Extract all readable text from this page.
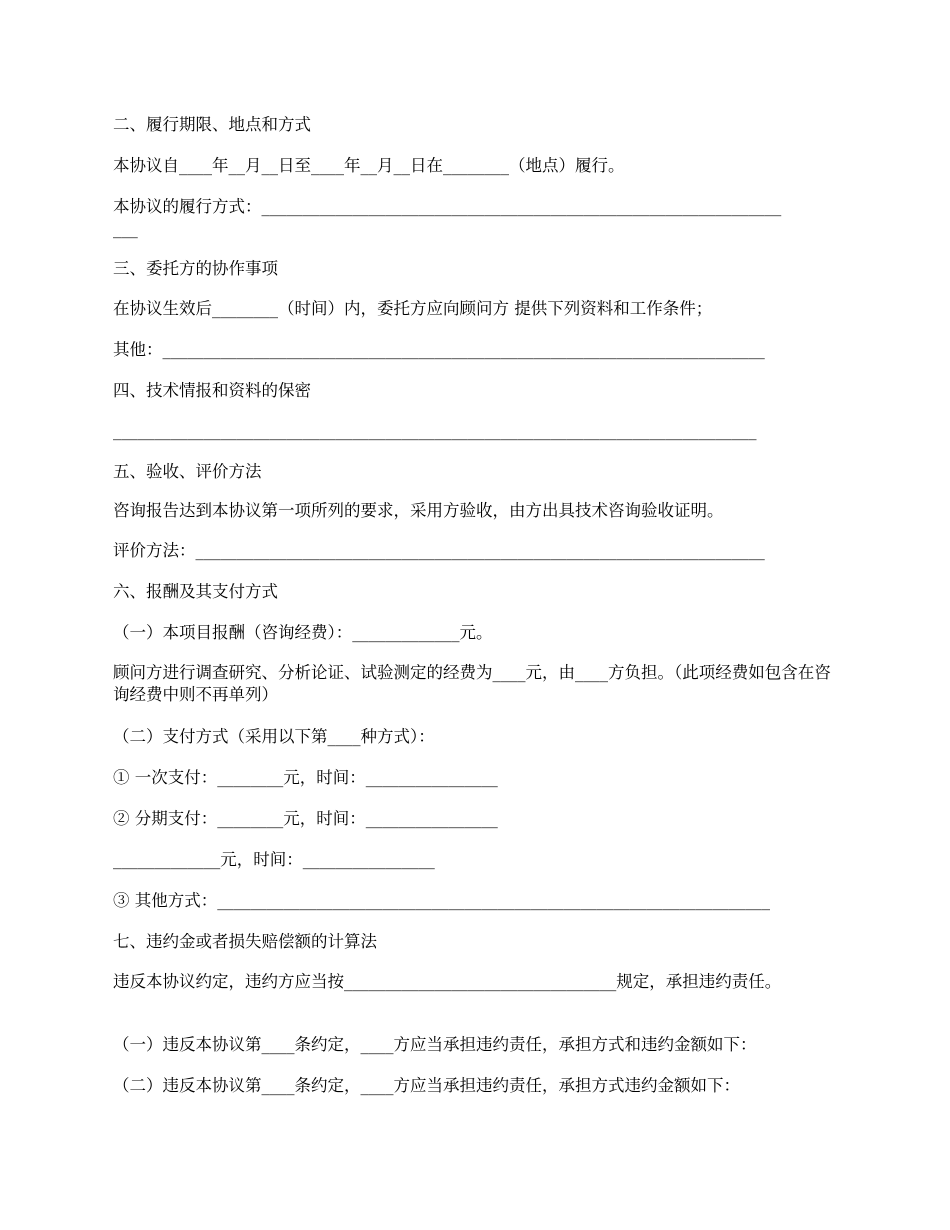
二、履行期限、地点和方式
本协议自____年__月__日至____年__月__日在________（地点）履行。
本协议的履行方式：_______________________________________________________________
___
三、委托方的协作事项
在协议生效后________（时间）内，委托方应向顾问方 提供下列资料和工作条件；
其他：_________________________________________________________________________
四、技术情报和资料的保密
______________________________________________________________________________
五、验收、评价方法
咨询报告达到本协议第一项所列的要求，采用方验收，由方出具技术咨询验收证明。
评价方法：_____________________________________________________________________
六、报酬及其支付方式
（一）本项目报酬（咨询经费）：_____________元。
顾问方进行调查研究、分析论证、试验测定的经费为____元，由____方负担。（此项经费如包含在咨询经费中则不再单列）
（二）支付方式（采用以下第____种方式）：
① 一次支付：________元，时间：________________
② 分期支付：________元，时间：________________
_____________元，时间：________________
③ 其他方式：___________________________________________________________________
七、违约金或者损失赔偿额的计算法
违反本协议约定，违约方应当按_________________________________规定，承担违约责任。
（一）违反本协议第____条约定，____方应当承担违约责任，承担方式和违约金额如下：
（二）违反本协议第____条约定，____方应当承担违约责任，承担方式违约金额如下：
